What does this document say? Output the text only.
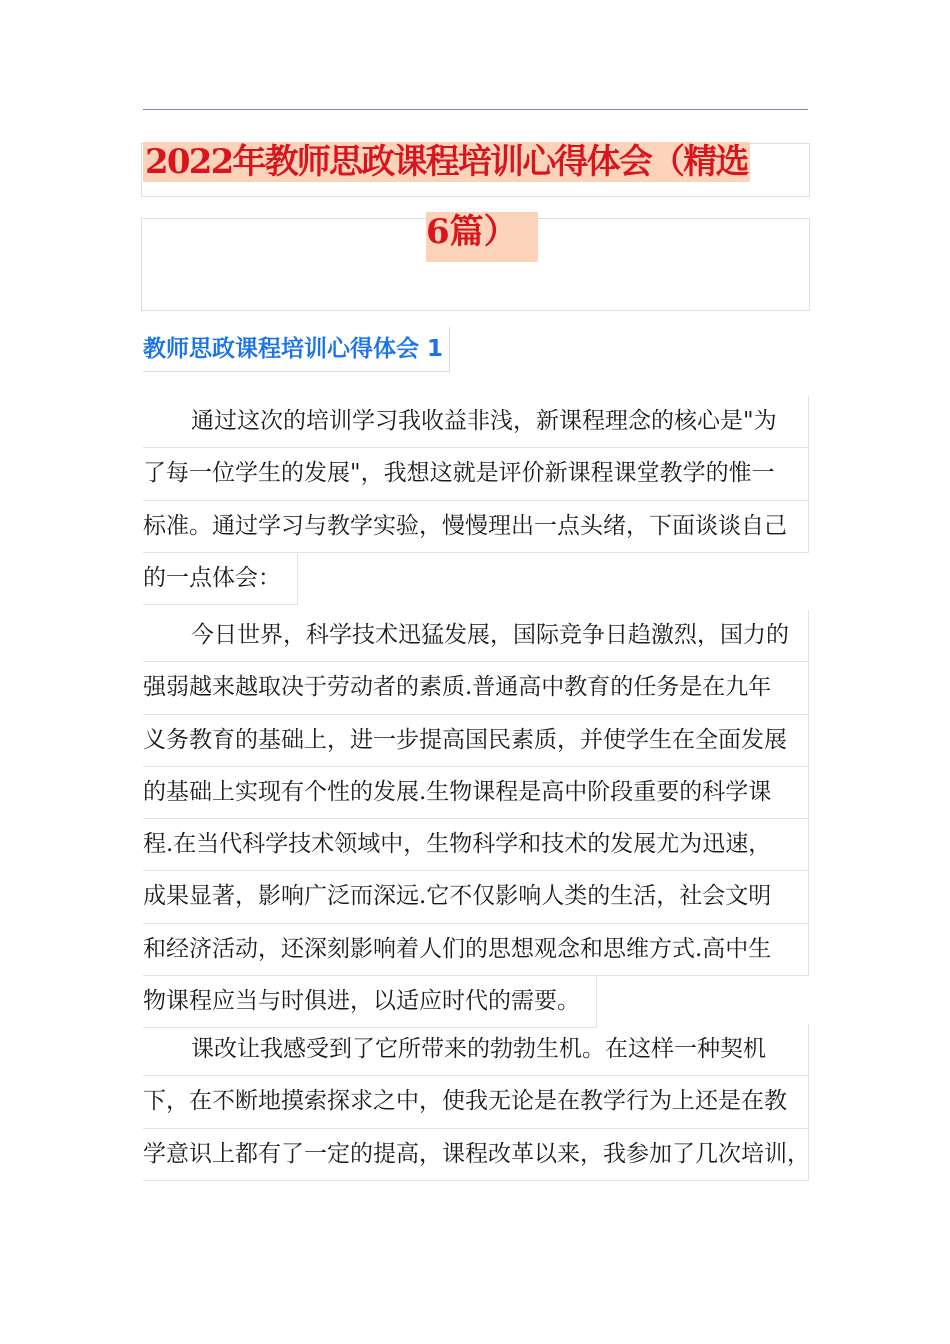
2022年教师思政课程培训心得体会（精选
6篇）
教师思政课程培训心得体会 1
通过这次的培训学习我收益非浅，新课程理念的核心是"为
了每一位学生的发展"，我想这就是评价新课程课堂教学的惟一
标准。通过学习与教学实验，慢慢理出一点头绪，下面谈谈自己
的一点体会：
今日世界，科学技术迅猛发展，国际竞争日趋激烈，国力的
强弱越来越取决于劳动者的素质.普通高中教育的任务是在九年
义务教育的基础上，进一步提高国民素质，并使学生在全面发展
的基础上实现有个性的发展.生物课程是高中阶段重要的科学课
程.在当代科学技术领域中，生物科学和技术的发展尤为迅速，
成果显著，影响广泛而深远.它不仅影响人类的生活，社会文明
和经济活动，还深刻影响着人们的思想观念和思维方式.高中生
物课程应当与时俱进，以适应时代的需要。
课改让我感受到了它所带来的勃勃生机。在这样一种契机
下，在不断地摸索探求之中，使我无论是在教学行为上还是在教
学意识上都有了一定的提高，课程改革以来，我参加了几次培训，
